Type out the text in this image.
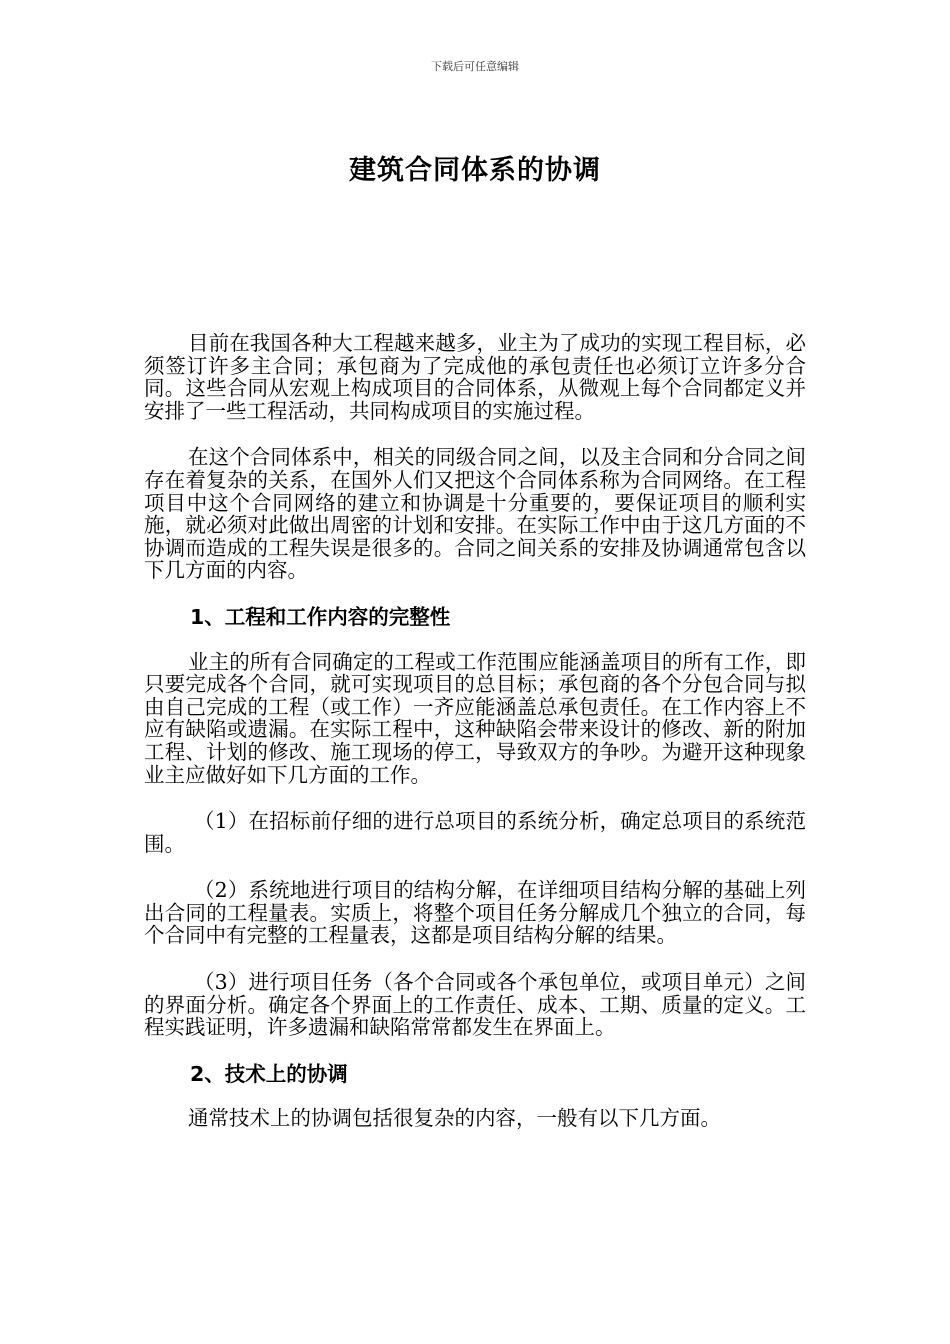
下载后可任意编辑
建筑合同体系的协调

目前在我国各种大工程越来越多，业主为了成功的实现工程目标，必须签订许多主合同；承包商为了完成他的承包责任也必须订立许多分合同。这些合同从宏观上构成项目的合同体系，从微观上每个合同都定义并安排了一些工程活动，共同构成项目的实施过程。

在这个合同体系中，相关的同级合同之间，以及主合同和分合同之间存在着复杂的关系，在国外人们又把这个合同体系称为合同网络。在工程项目中这个合同网络的建立和协调是十分重要的，要保证项目的顺利实施，就必须对此做出周密的计划和安排。在实际工作中由于这几方面的不协调而造成的工程失误是很多的。合同之间关系的安排及协调通常包含以下几方面的内容。

1、工程和工作内容的完整性

业主的所有合同确定的工程或工作范围应能涵盖项目的所有工作，即只要完成各个合同，就可实现项目的总目标；承包商的各个分包合同与拟由自己完成的工程（或工作）一齐应能涵盖总承包责任。在工作内容上不应有缺陷或遗漏。在实际工程中，这种缺陷会带来设计的修改、新的附加工程、计划的修改、施工现场的停工，导致双方的争吵。为避开这种现象业主应做好如下几方面的工作。

（1）在招标前仔细的进行总项目的系统分析，确定总项目的系统范围。

（2）系统地进行项目的结构分解，在详细项目结构分解的基础上列出合同的工程量表。实质上，将整个项目任务分解成几个独立的合同，每个合同中有完整的工程量表，这都是项目结构分解的结果。

（3）进行项目任务（各个合同或各个承包单位，或项目单元）之间的界面分析。确定各个界面上的工作责任、成本、工期、质量的定义。工程实践证明，许多遗漏和缺陷常常都发生在界面上。

2、技术上的协调

通常技术上的协调包括很复杂的内容，一般有以下几方面。
